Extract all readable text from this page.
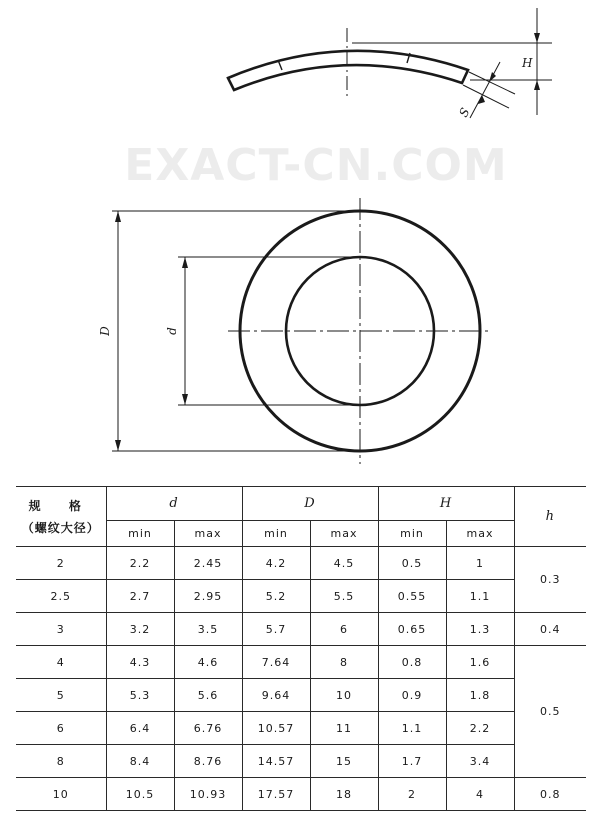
EXACT-CN.COM
H
S
D	d
规 格
（螺纹大径）	d		D		H		h
	min	max	min	max	min	max	
2	2.2	2.45	4.2	4.5	0.5	1	0.3
2.5	2.7	2.95	5.2	5.5	0.55	1.1	
3	3.2	3.5	5.7	6	0.65	1.3	0.4
4	4.3	4.6	7.64	8	0.8	1.6	0.5
5	5.3	5.6	9.64	10	0.9	1.8	
6	6.4	6.76	10.57	11	1.1	2.2	
8	8.4	8.76	14.57	15	1.7	3.4	
10	10.5	10.93	17.57	18	2	4	0.8
